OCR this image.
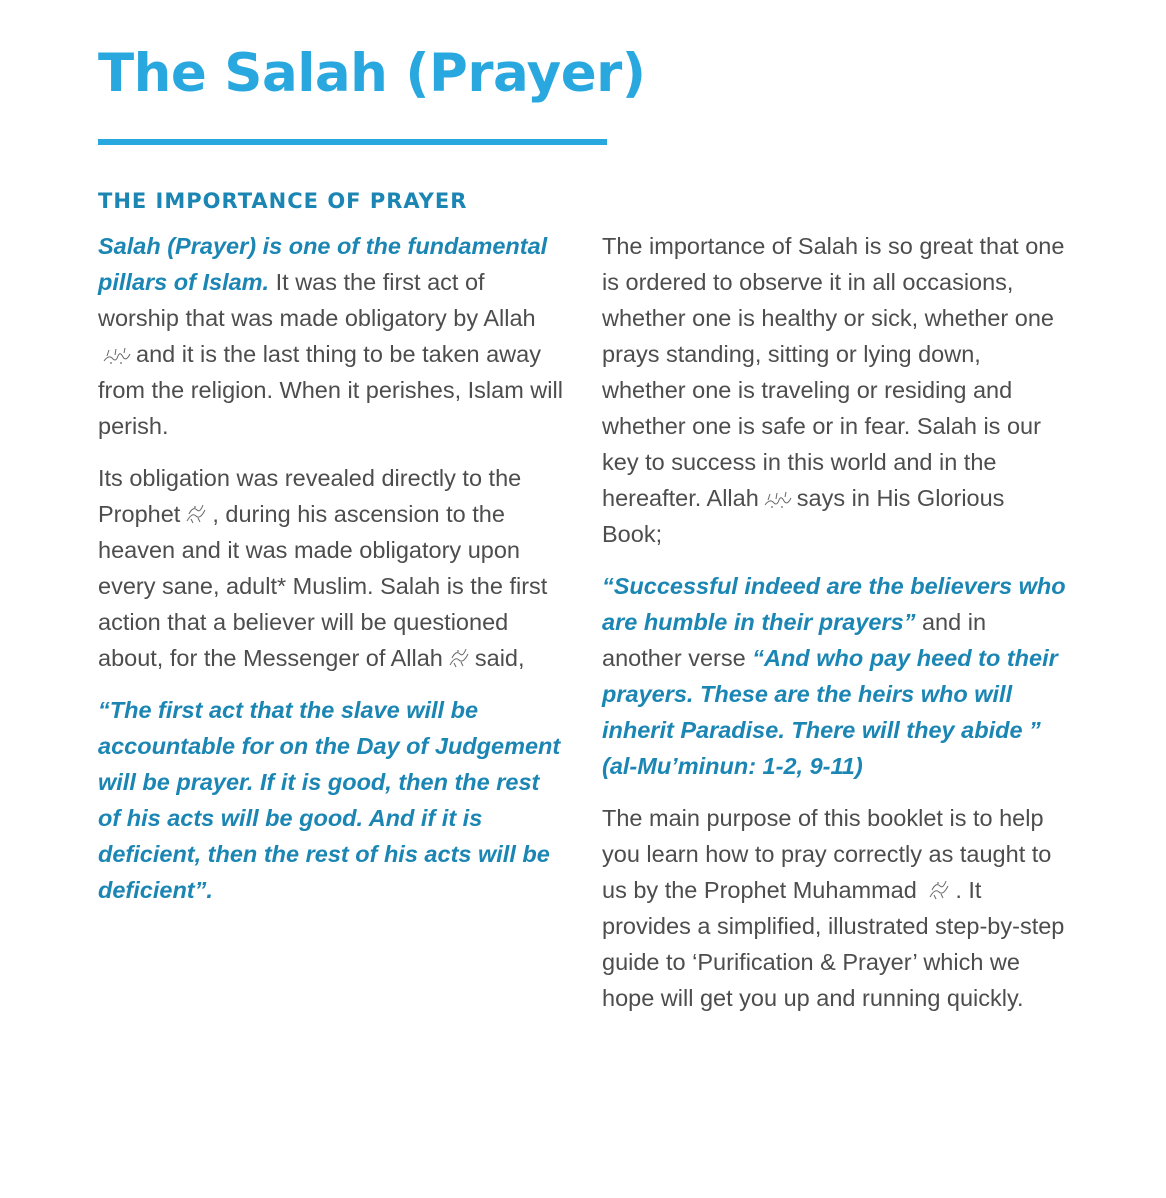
The Salah (Prayer)
THE IMPORTANCE OF PRAYER

Salah (Prayer) is one of the fundamental pillars of Islam. It was the first act of worship that was made obligatory by Allah
and it is the last thing to be taken away from the religion. When it perishes, Islam will perish.

Its obligation was revealed directly to the Prophet , during his ascension to the heaven and it was made obligatory upon every sane, adult* Muslim. Salah is the first action that a believer will be questioned about, for the Messenger of Allah said,

“The first act that the slave will be accountable for on the Day of Judgement will be prayer. If it is good, then the rest of his acts will be good. And if it is deficient, then the rest of his acts will be deficient”.

The importance of Salah is so great that one is ordered to observe it in all occasions, whether one is healthy or sick, whether one prays standing, sitting or lying down, whether one is traveling or residing and whether one is safe or in fear. Salah is our key to success in this world and in the hereafter. Allah says in His Glorious Book;

“Successful indeed are the believers who are humble in their prayers” and in another verse “And who pay heed to their prayers. These are the heirs who will inherit Paradise. There will they abide ” (al-Mu’minun: 1-2, 9-11)

The main purpose of this booklet is to help you learn how to pray correctly as taught to us by the Prophet Muhammad . It provides a simplified, illustrated step-by-step guide to ‘Purification & Prayer’ which we hope will get you up and running quickly.
